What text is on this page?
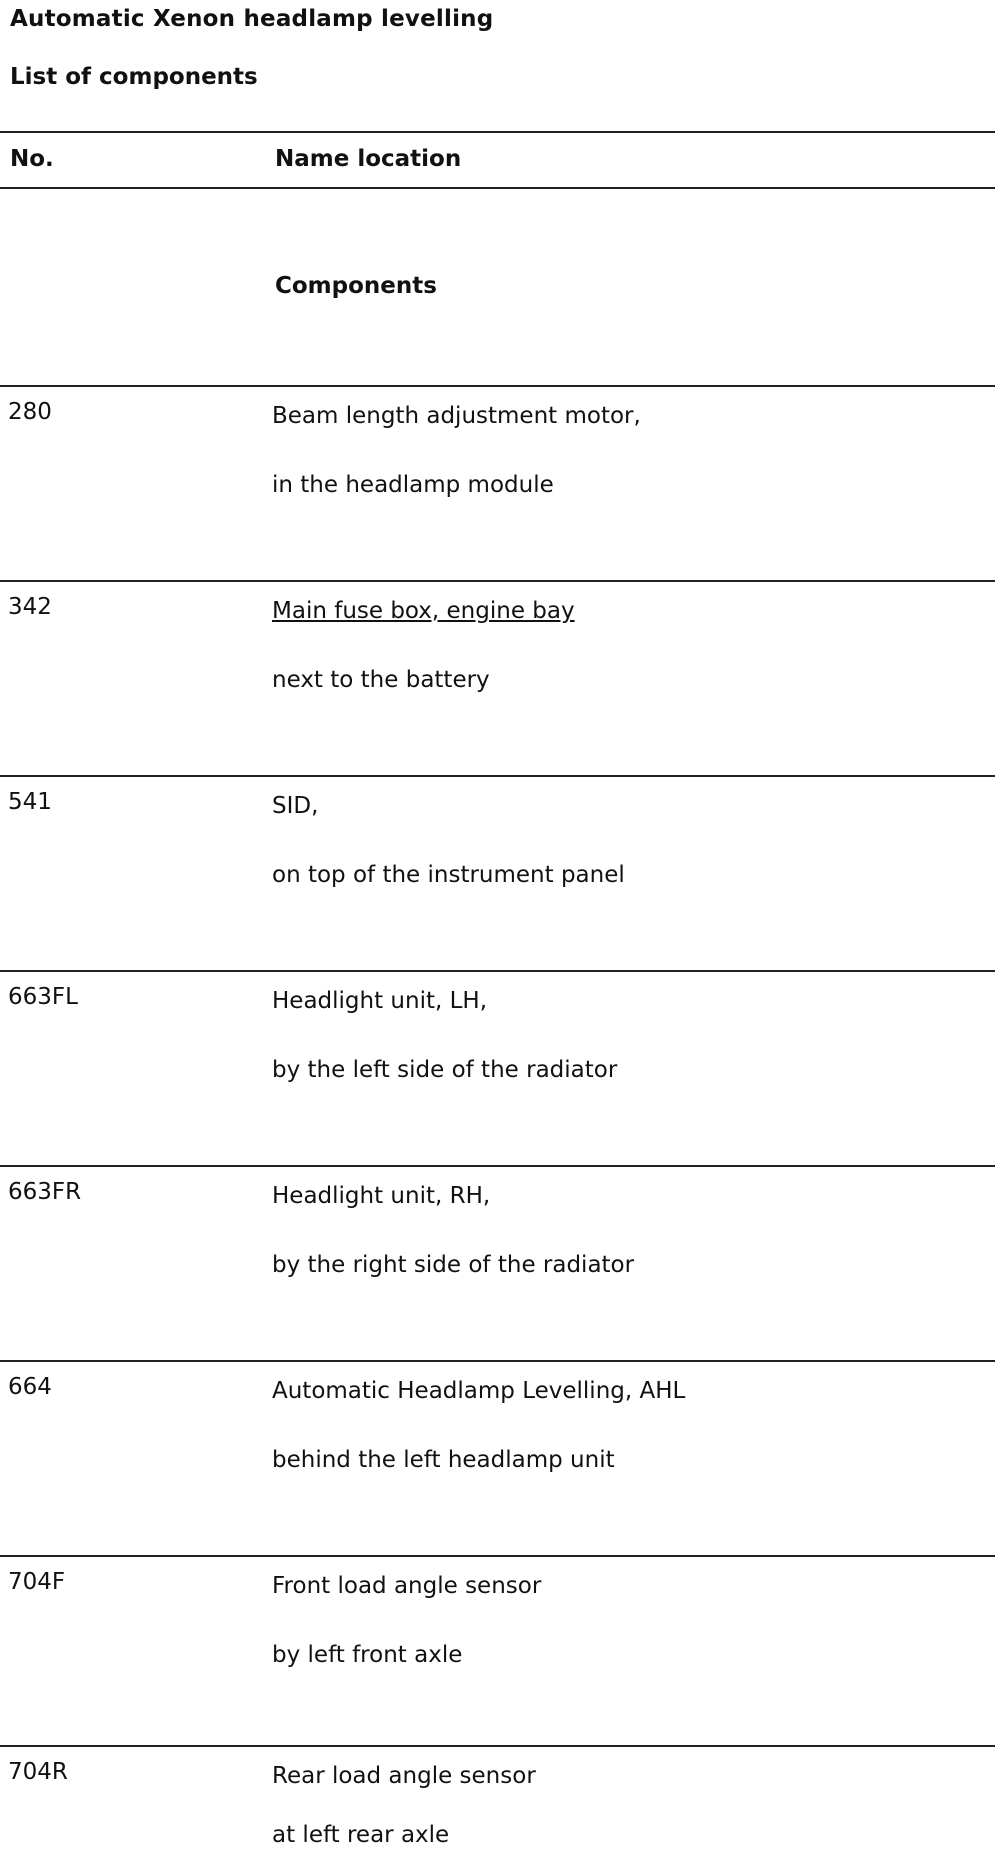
Automatic Xenon headlamp levelling
List of components
No.	Name location
Components
280	Beam length adjustment motor,
in the headlamp module
342	Main fuse box, engine bay
next to the battery
541	SID,
on top of the instrument panel
663FL	Headlight unit, LH,
by the left side of the radiator
663FR	Headlight unit, RH,
by the right side of the radiator
664	Automatic Headlamp Levelling, AHL
behind the left headlamp unit
704F	Front load angle sensor
by left front axle
704R	Rear load angle sensor
at left rear axle
